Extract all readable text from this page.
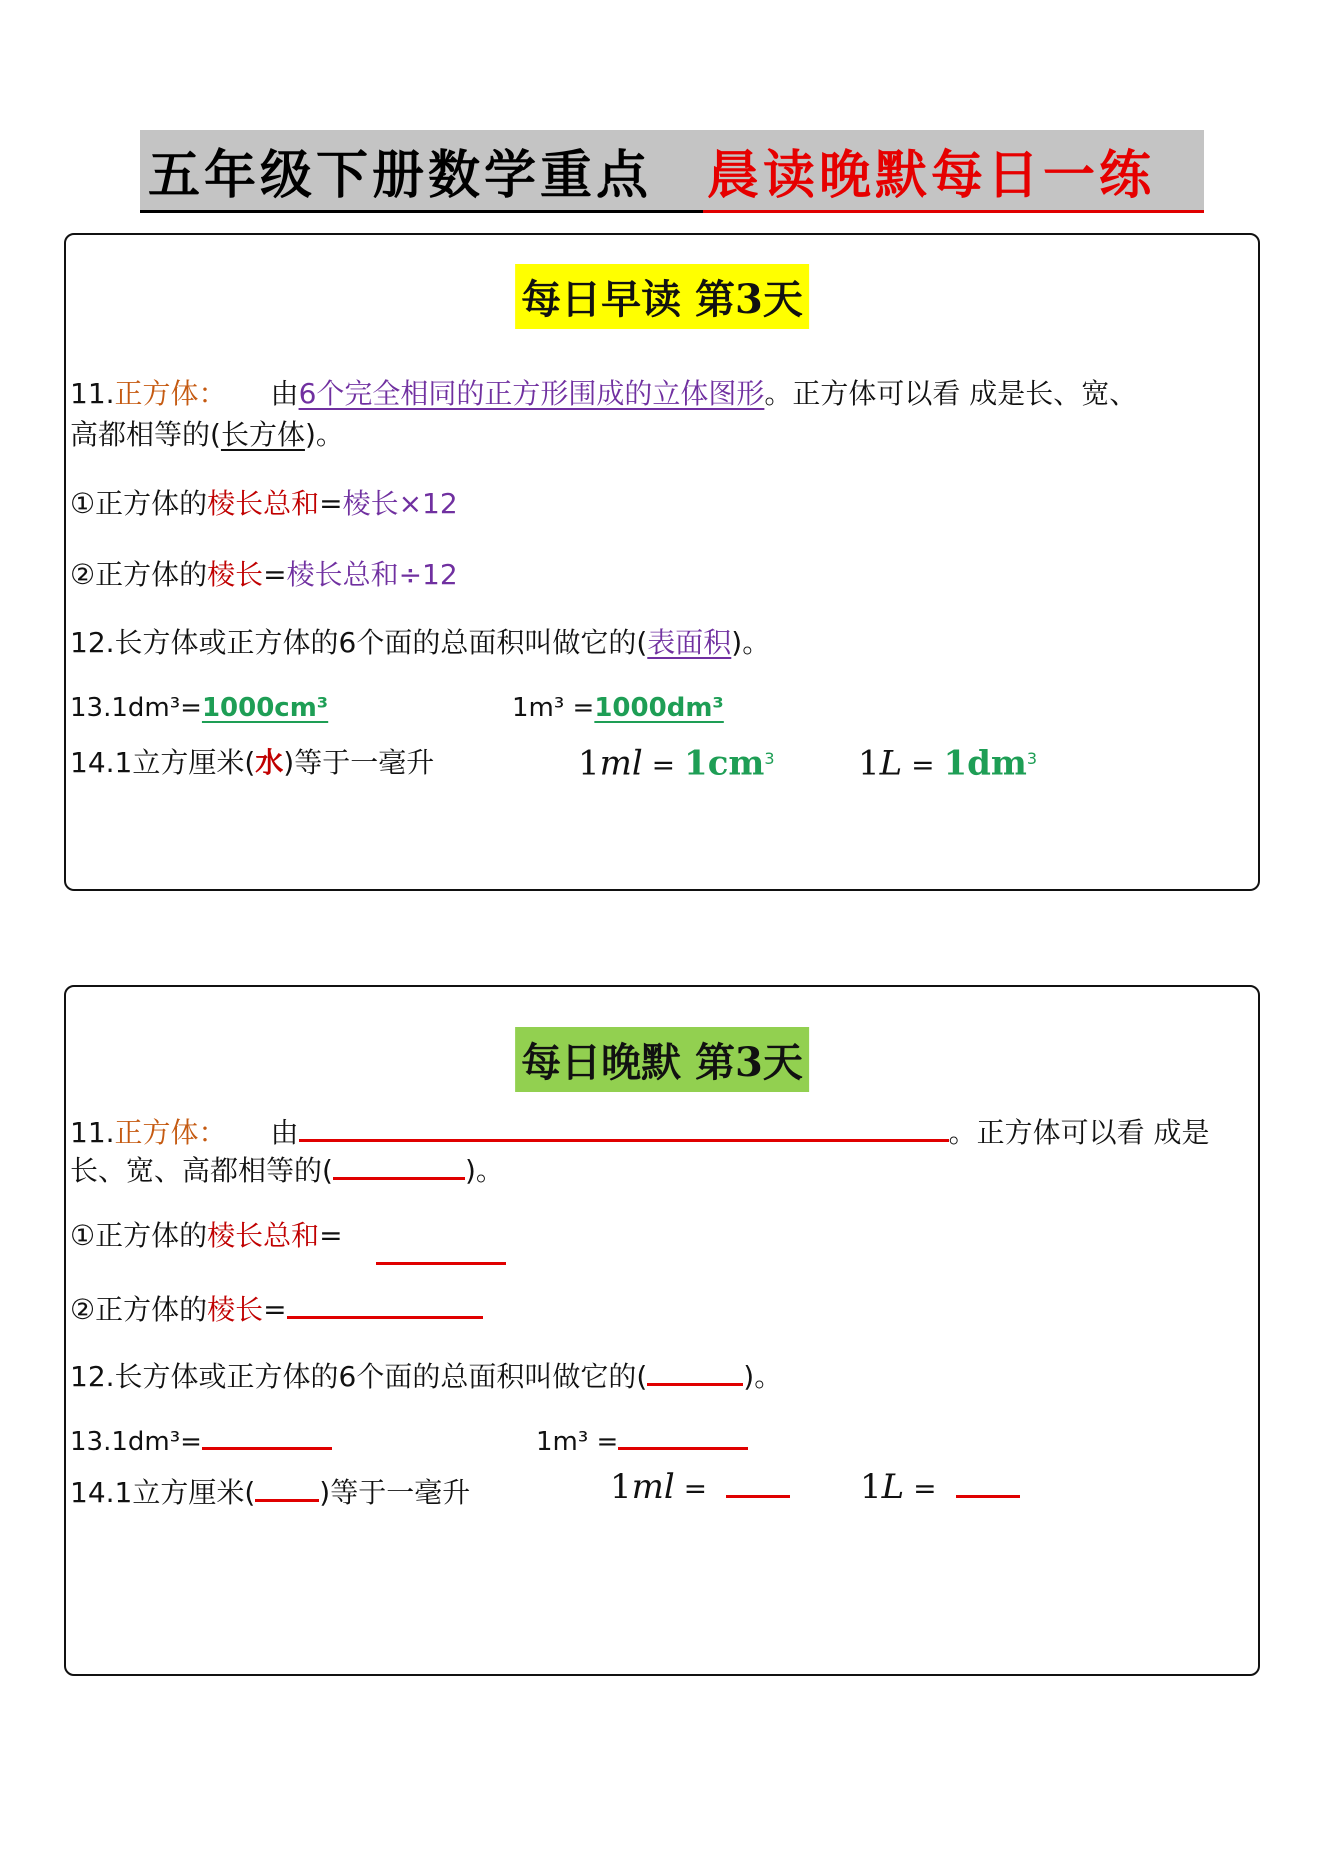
五年级下册数学重点 晨读晚默每日一练
每日早读 第3天
11.正方体： 由6个完全相同的正方形围成的立体图形。正方体可以看 成是长、宽、
高都相等的(长方体)。
①正方体的棱长总和=棱长×12
②正方体的棱长=棱长总和÷12
12.长方体或正方体的6个面的总面积叫做它的(表面积)。
13.1dm³=1000cm³	1m³ =1000dm³
14.1立方厘米(水)等于一毫升	$1ml = 1cm^3$ $1L = 1dm^3$
每日晚默 第3天
11.正方体： 由	。正方体可以看 成是
长、宽、高都相等的(	)。
①正方体的棱长总和=
②正方体的棱长=
12.长方体或正方体的6个面的总面积叫做它的(	)。
13.1dm³=	1m³ =
14.1立方厘米( )等于一毫升	1ml =	1L =
